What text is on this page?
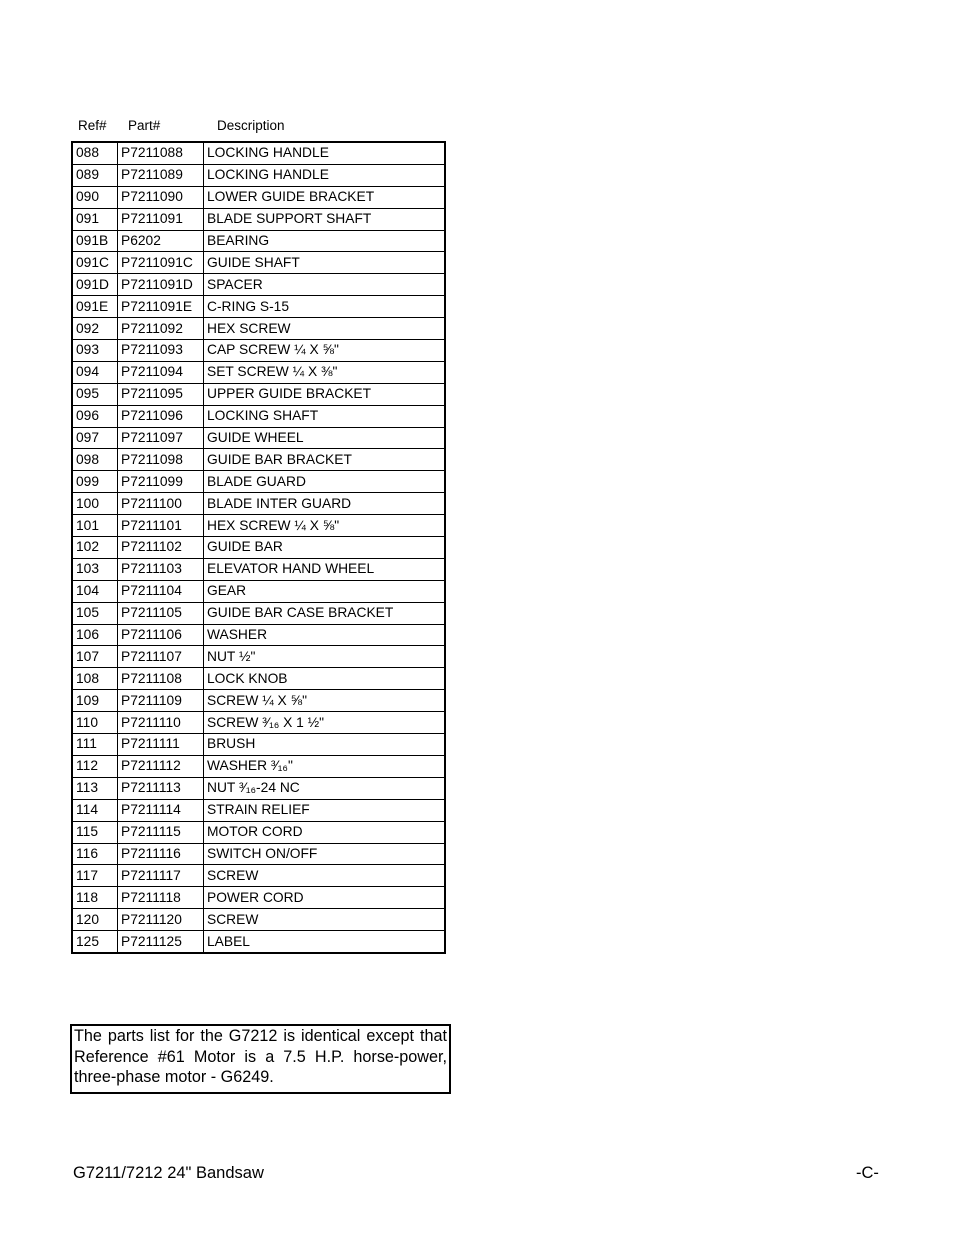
Ref# Part#	Description
088	P7211088	LOCKING HANDLE
089	P7211089	LOCKING HANDLE
090	P7211090	LOWER GUIDE BRACKET
091	P7211091	BLADE SUPPORT SHAFT
091B	P6202	BEARING
091C	P7211091C	GUIDE SHAFT
091D	P7211091D	SPACER
091E	P7211091E	C-RING S-15
092	P7211092	HEX SCREW
093	P7211093	CAP SCREW ¼ X ⅝"
094	P7211094	SET SCREW ¼ X ⅜"
095	P7211095	UPPER GUIDE BRACKET
096	P7211096	LOCKING SHAFT
097	P7211097	GUIDE WHEEL
098	P7211098	GUIDE BAR BRACKET
099	P7211099	BLADE GUARD
100	P7211100	BLADE INTER GUARD
101	P7211101	HEX SCREW ¼ X ⅝"
102	P7211102	GUIDE BAR
103	P7211103	ELEVATOR HAND WHEEL
104	P7211104	GEAR
105	P7211105	GUIDE BAR CASE BRACKET
106	P7211106	WASHER
107	P7211107	NUT ½"
108	P7211108	LOCK KNOB
109	P7211109	SCREW ¼ X ⅝"
110	P7211110	SCREW ³⁄₁₆ X 1 ½"
111	P7211111	BRUSH
112	P7211112	WASHER ³⁄₁₆"
113	P7211113	NUT ³⁄₁₆-24 NC
114	P7211114	STRAIN RELIEF
115	P7211115	MOTOR CORD
116	P7211116	SWITCH ON/OFF
117	P7211117	SCREW
118	P7211118	POWER CORD
120	P7211120	SCREW
125	P7211125	LABEL
The parts list for the G7212 is identical except that Reference #61 Motor is a 7.5 H.P. horse-power, three-phase motor - G6249.
G7211/7212 24" Bandsaw	-C-
